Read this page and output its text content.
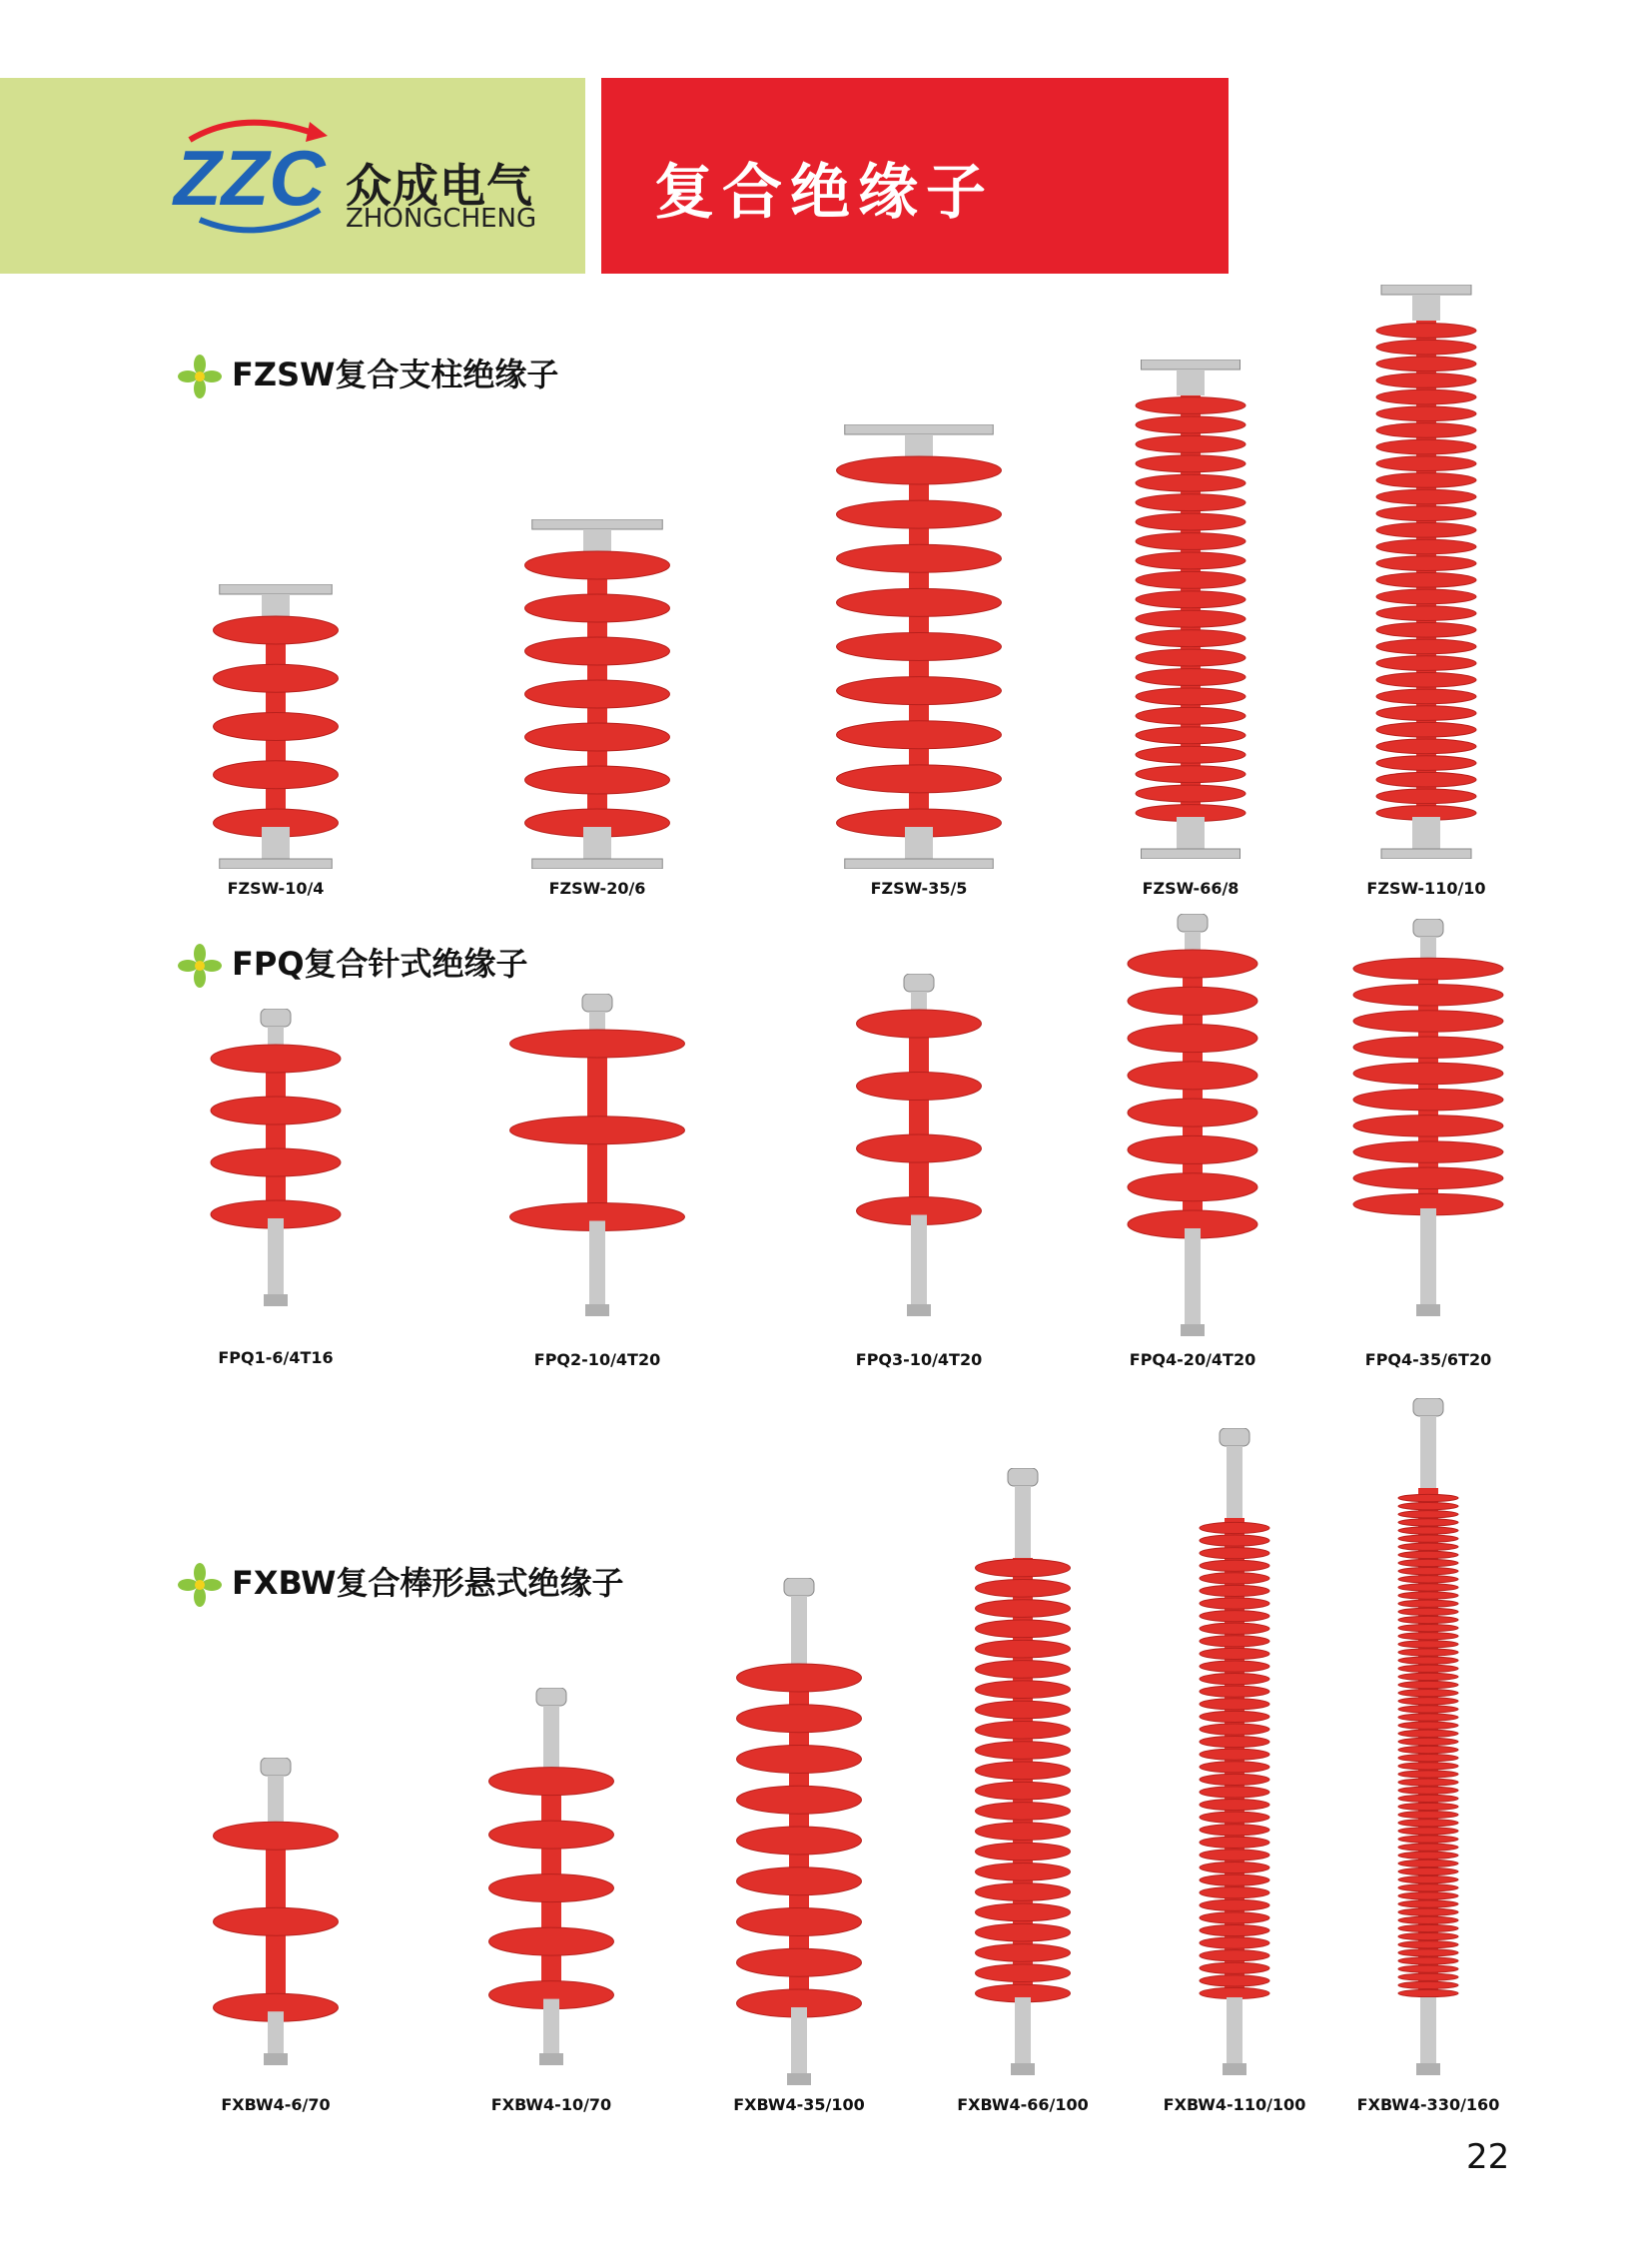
ZZC 众成电气
ZHONGCHENG 复合绝缘子
FZSW复合支柱绝缘子
FPQ复合针式绝缘子
FXBW复合棒形悬式绝缘子
FZSW-10/4	FZSW-20/6	FZSW-35/5	FZSW-66/8	FZSW-110/10
FPQ1-6/4T16	FPQ2-10/4T20	FPQ3-10/4T20	FPQ4-20/4T20	FPQ4-35/6T20
FXBW4-6/70	FXBW4-10/70	FXBW4-35/100	FXBW4-66/100	FXBW4-110/100	FXBW4-330/160
22
